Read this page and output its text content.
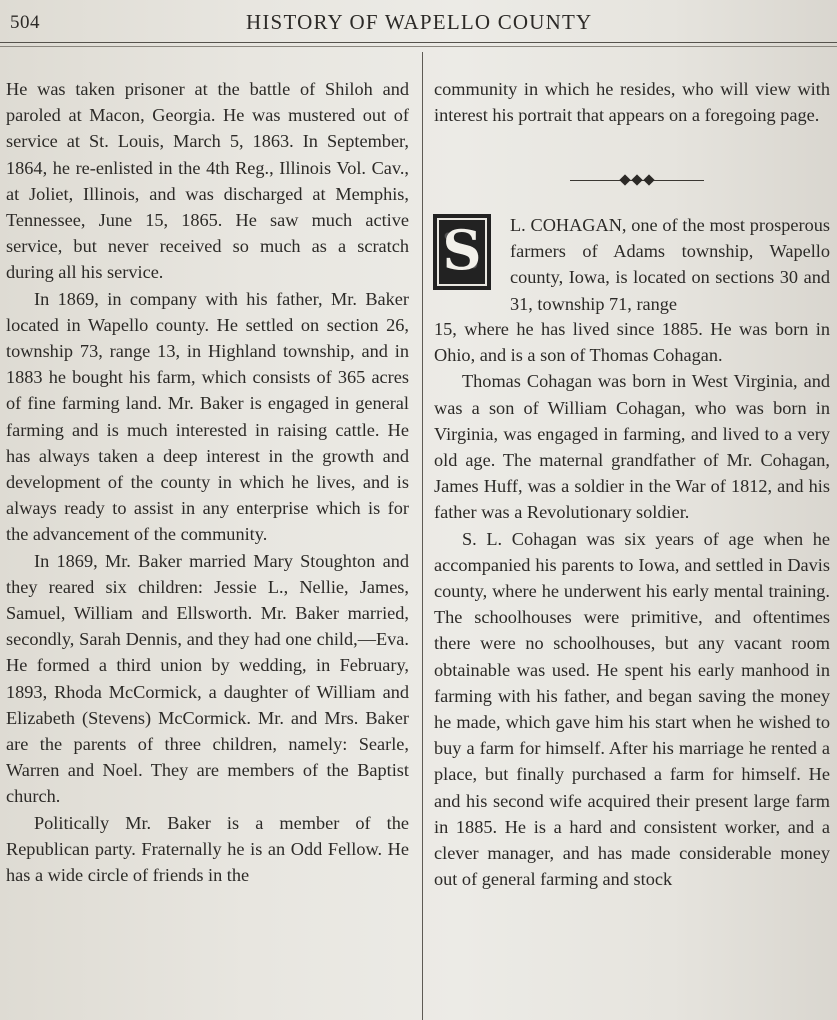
504	HISTORY OF WAPELLO COUNTY

He was taken prisoner at the battle of Shiloh and paroled at Macon, Georgia. He was mustered out of service at St. Louis, March 5, 1863. In September, 1864, he re-enlisted in the 4th Reg., Illinois Vol. Cav., at Joliet, Illinois, and was discharged at Memphis, Tennessee, June 15, 1865. He saw much active service, but never received so much as a scratch during all his service.

In 1869, in company with his father, Mr. Baker located in Wapello county. He settled on section 26, township 73, range 13, in Highland township, and in 1883 he bought his farm, which consists of 365 acres of fine farming land. Mr. Baker is engaged in general farming and is much interested in raising cattle. He has always taken a deep interest in the growth and development of the county in which he lives, and is always ready to assist in any enterprise which is for the advancement of the community.

In 1869, Mr. Baker married Mary Stoughton and they reared six children: Jessie L., Nellie, James, Samuel, William and Ellsworth. Mr. Baker married, secondly, Sarah Dennis, and they had one child,—Eva. He formed a third union by wedding, in February, 1893, Rhoda McCormick, a daughter of William and Elizabeth (Stevens) McCormick. Mr. and Mrs. Baker are the parents of three children, namely: Searle, Warren and Noel. They are members of the Baptist church.

Politically Mr. Baker is a member of the Republican party. Fraternally he is an Odd Fellow. He has a wide circle of friends in the

community in which he resides, who will view with interest his portrait that appears on a foregoing page.

S L. COHAGAN, one of the most prosperous farmers of Adams township, Wapello county, Iowa, is located on sections 30 and 31, township 71, range

15, where he has lived since 1885. He was born in Ohio, and is a son of Thomas Cohagan.

Thomas Cohagan was born in West Virginia, and was a son of William Cohagan, who was born in Virginia, was engaged in farming, and lived to a very old age. The maternal grandfather of Mr. Cohagan, James Huff, was a soldier in the War of 1812, and his father was a Revolutionary soldier.

S. L. Cohagan was six years of age when he accompanied his parents to Iowa, and settled in Davis county, where he underwent his early mental training. The schoolhouses were primitive, and oftentimes there were no schoolhouses, but any vacant room obtainable was used. He spent his early manhood in farming with his father, and began saving the money he made, which gave him his start when he wished to buy a farm for himself. After his marriage he rented a place, but finally purchased a farm for himself. He and his second wife acquired their present large farm in 1885. He is a hard and consistent worker, and a clever manager, and has made considerable money out of general farming and stock
